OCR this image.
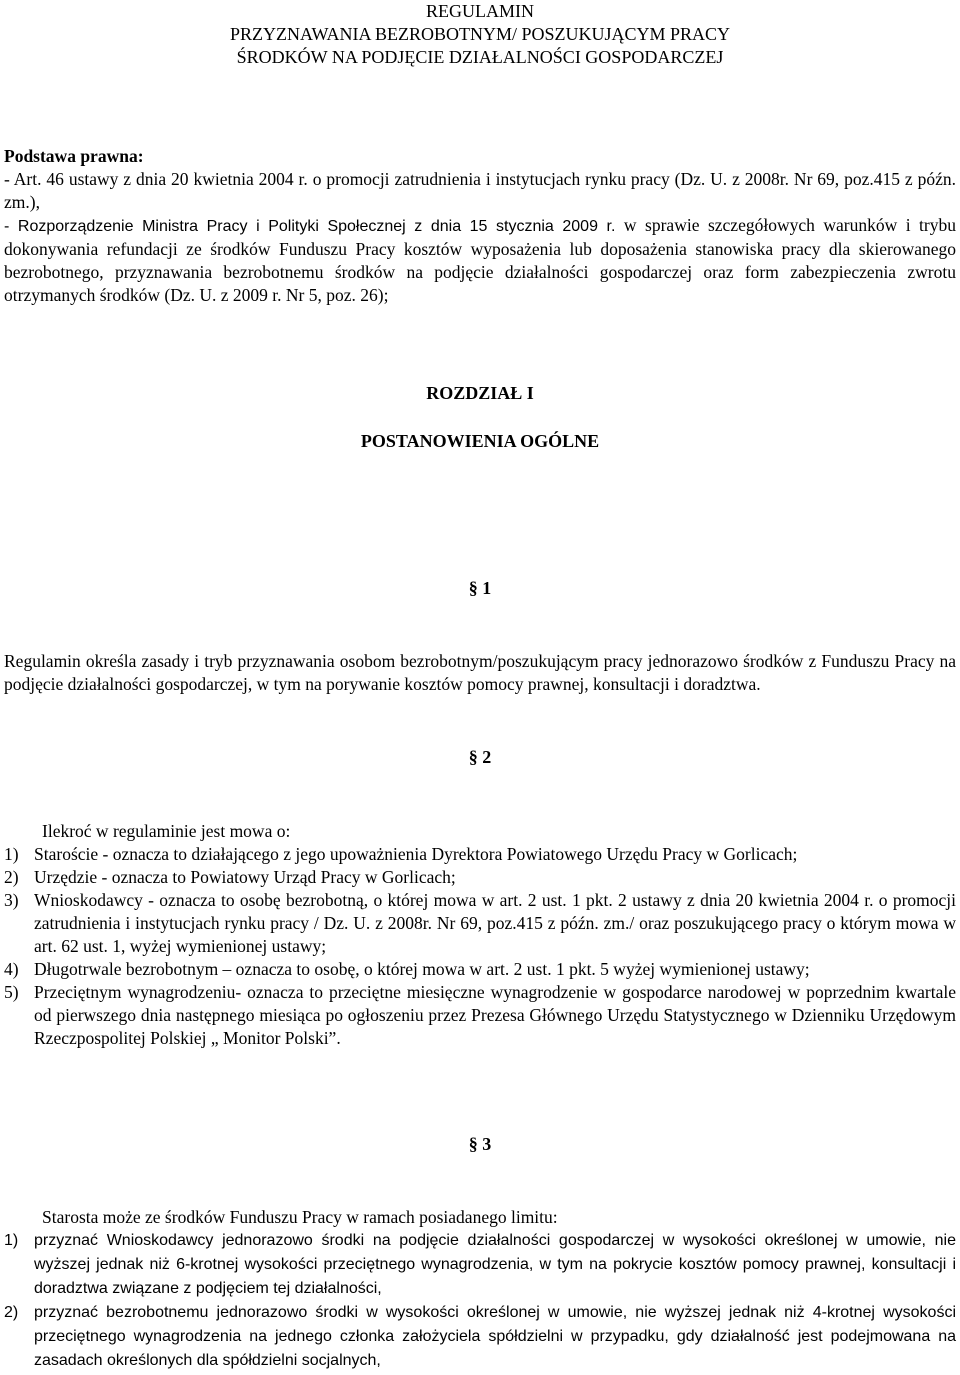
REGULAMIN
PRZYZNAWANIA BEZROBOTNYM/ POSZUKUJĄCYM PRACY
ŚRODKÓW NA PODJĘCIE DZIAŁALNOŚCI GOSPODARCZEJ
Podstawa prawna:
- Art. 46 ustawy z dnia 20 kwietnia 2004 r. o promocji zatrudnienia i instytucjach rynku pracy (Dz. U. z 2008r. Nr 69, poz.415 z późn. zm.),
- Rozporządzenie Ministra Pracy i Polityki Społecznej z dnia 15 stycznia 2009 r. w sprawie szczegółowych warunków i trybu dokonywania refundacji ze środków Funduszu Pracy kosztów wyposażenia lub doposażenia stanowiska pracy dla skierowanego bezrobotnego, przyznawania bezrobotnemu środków na podjęcie działalności gospodarczej oraz form zabezpieczenia zwrotu otrzymanych środków (Dz. U. z 2009 r. Nr 5, poz. 26);
ROZDZIAŁ I
POSTANOWIENIA OGÓLNE
§ 1
Regulamin określa zasady i tryb przyznawania osobom bezrobotnym/poszukującym pracy jednorazowo środków z Funduszu Pracy na podjęcie działalności gospodarczej, w tym na porywanie kosztów pomocy prawnej, konsultacji i doradztwa.
§ 2
Ilekroć w regulaminie jest mowa o:
1) Staroście - oznacza to działającego z jego upoważnienia Dyrektora Powiatowego Urzędu Pracy w Gorlicach;
2) Urzędzie - oznacza to Powiatowy Urząd Pracy w Gorlicach;
3) Wnioskodawcy - oznacza to osobę bezrobotną, o której mowa w art. 2 ust. 1 pkt. 2 ustawy z dnia 20 kwietnia 2004 r. o promocji zatrudnienia i instytucjach rynku pracy / Dz. U. z 2008r. Nr 69, poz.415 z późn. zm./ oraz poszukującego pracy o którym mowa w art. 62 ust. 1, wyżej wymienionej ustawy;
4) Długotrwale bezrobotnym – oznacza to osobę, o której mowa w art. 2 ust. 1 pkt. 5 wyżej wymienionej ustawy;
5) Przeciętnym wynagrodzeniu- oznacza to przeciętne miesięczne wynagrodzenie w gospodarce narodowej w poprzednim kwartale od pierwszego dnia następnego miesiąca po ogłoszeniu przez Prezesa Głównego Urzędu Statystycznego w Dzienniku Urzędowym Rzeczpospolitej Polskiej „ Monitor Polski”.
§ 3
Starosta może ze środków Funduszu Pracy w ramach posiadanego limitu:
1) przyznać Wnioskodawcy jednorazowo środki na podjęcie działalności gospodarczej w wysokości określonej w umowie, nie wyższej jednak niż 6-krotnej wysokości przeciętnego wynagrodzenia, w tym na pokrycie kosztów pomocy prawnej, konsultacji i doradztwa związane z podjęciem tej działalności,
2) przyznać bezrobotnemu jednorazowo środki w wysokości określonej w umowie, nie wyższej jednak niż 4-krotnej wysokości przeciętnego wynagrodzenia na jednego członka założyciela spółdzielni w przypadku, gdy działalność jest podejmowana na zasadach określonych dla spółdzielni socjalnych,
